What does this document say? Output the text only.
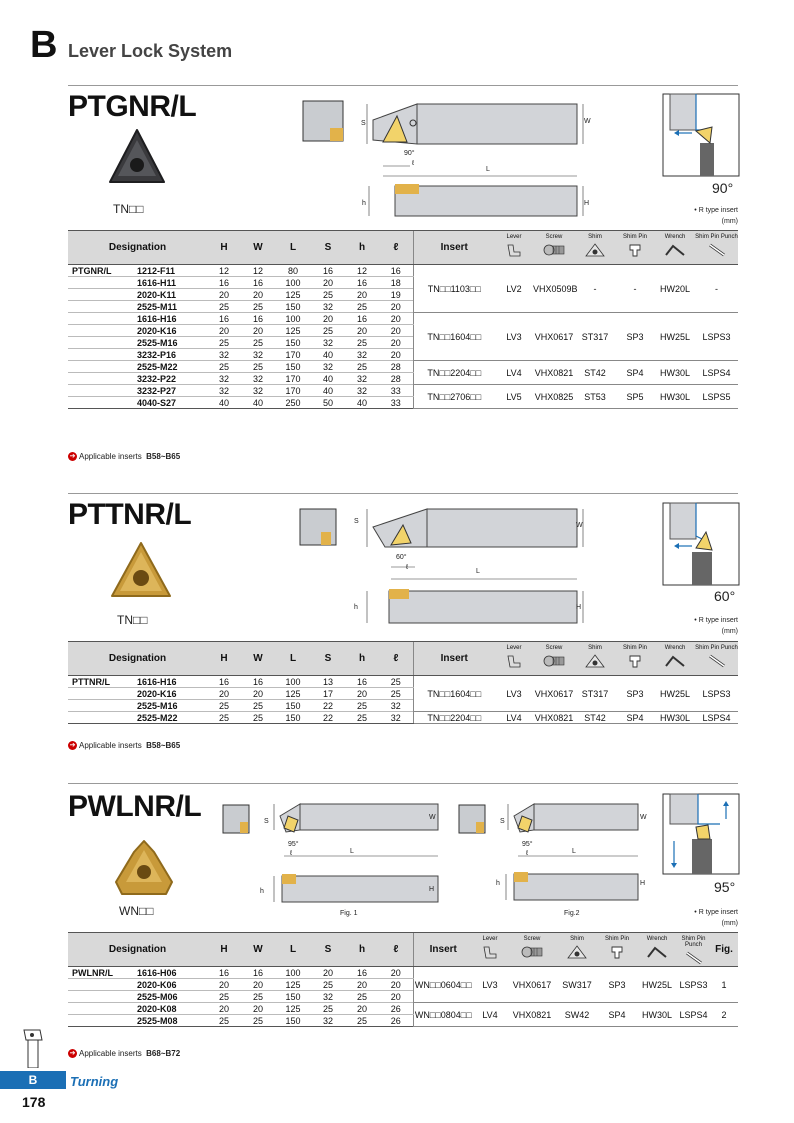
B Lever Lock System
PTGNR/L
TN□□
S	W
90°
ℓ
L
h	H
90°
• R type insert
(mm)
Designation		H	W	L	S	h	ℓ	Insert	Lever	Screw	Shim	Shim Pin	Wrench	Shim Pin Punch

PTGNR/L	1212-F11	12	12	80	16	12	16	TN□□1103□□	LV2	VHX0509B	-	-	HW20L	-
	1616-H11	16	16	100	20	16	18							
	2020-K11	20	20	125	25	20	19							
	2525-M11	25	25	150	32	25	20							
	1616-H16	16	16	100	20	16	20	TN□□1604□□	LV3	VHX0617	ST317	SP3	HW25L	LSPS3
	2020-K16	20	20	125	25	20	20							
	2525-M16	25	25	150	32	25	20							
	3232-P16	32	32	170	40	32	20							
	2525-M22	25	25	150	32	25	28	TN□□2204□□	LV4	VHX0821	ST42	SP4	HW30L	LSPS4
	3232-P22	32	32	170	40	32	28							
	3232-P27	32	32	170	40	32	33	TN□□2706□□	LV5	VHX0825	ST53	SP5	HW30L	LSPS5
	4040-S27	40	40	250	50	40	33							
➔ Applicable inserts B58~B65
PTTNR/L
TN□□
S
W
60°
ℓ
L
h	H
60°
• R type insert
(mm)
Designation		H	W	L	S	h	ℓ	Insert	Lever	Screw	Shim	Shim Pin	Wrench	Shim Pin Punch

PTTNR/L	1616-H16	16	16	100	13	16	25	TN□□1604□□	LV3	VHX0617	ST317	SP3	HW25L	LSPS3
	2020-K16	20	20	125	17	20	25							
	2525-M16	25	25	150	22	25	32							
	2525-M22	25	25	150	22	25	32	TN□□2204□□	LV4	VHX0821	ST42	SP4	HW30L	LSPS4
➔ Applicable inserts B58~B65
PWLNR/L
WN□□
S
W
95°
ℓ	L
h	H
Fig. 1
S
W
95°
ℓ	L
h	H
Fig.2
95°
• R type insert
(mm)
Designation		H	W	L	S	h	ℓ	Insert	Lever	Screw	Shim	Shim Pin	Wrench	Shim Pin Punch	Fig.
PWLNR/L	1616-H06	16	16	100	20	16	20	WN□□0604□□	LV3	VHX0617	SW317	SP3	HW25L	LSPS3	1
	2020-K06	20	20	125	25	20	20								
	2525-M06	25	25	150	32	25	20								
	2020-K08	20	20	125	25	20	26	WN□□0804□□	LV4	VHX0821	SW42	SP4	HW30L	LSPS4	2
	2525-M08	25	25	150	32	25	26								
➔ Applicable inserts B68~B72
B	Turning
178
